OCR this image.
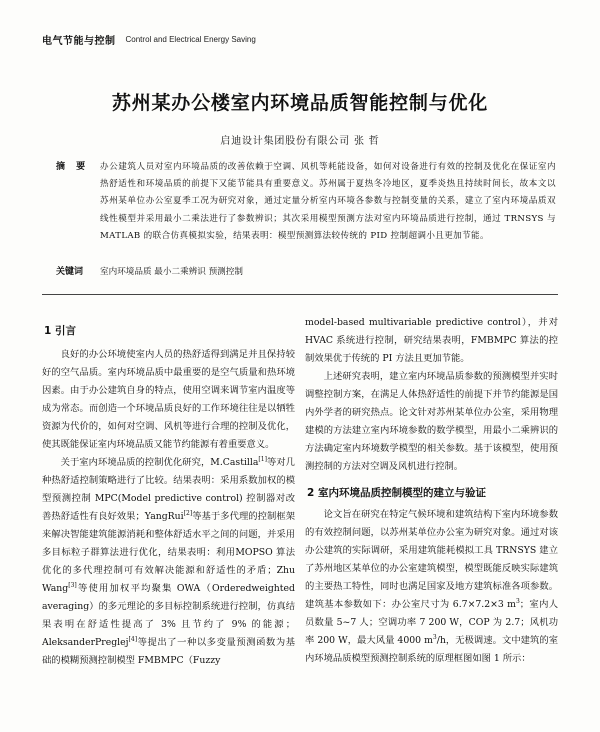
电气节能与控制 Control and Electrical Energy Saving
苏州某办公楼室内环境品质智能控制与优化
启迪设计集团股份有限公司 张 哲
摘 要	办公建筑人员对室内环境品质的改善依赖于空调、风机等耗能设备，如何对设备进行有效的控制及优化在保证室内热舒适性和环境品质的前提下又能节能具有重要意义。苏州属于夏热冬冷地区，夏季炎热且持续时间长，故本文以苏州某单位办公室夏季工况为研究对象，通过定量分析室内环境各参数与控制变量的关系，建立了室内环境品质双线性模型并采用最小二乘法进行了参数辨识；其次采用模型预测方法对室内环境品质进行控制，通过 TRNSYS 与 MATLAB 的联合仿真模拟实验，结果表明：模型预测算法较传统的 PID 控制超调小且更加节能。
关键词	室内环境品质 最小二乘辨识 预测控制
1 引言

良好的办公环境使室内人员的热舒适得到满足并且保持较好的空气品质。室内环境品质中最重要的是空气质量和热环境因素。由于办公建筑自身的特点，使用空调来调节室内温度等成为常态。而创造一个环境品质良好的工作环境往往是以牺牲资源为代价的，如何对空调、风机等进行合理的控制及优化，使其既能保证室内环境品质又能节约能源有着重要意义。

关于室内环境品质的控制优化研究，M.Castilla[1]等对几种热舒适控制策略进行了比较。结果表明：采用系数加权的模型预测控制 MPC(Model predictive control) 控制器对改善热舒适性有良好效果；YangRui[2]等基于多代理的控制框架来解决智能建筑能源消耗和整体舒适水平之间的问题，并采用多目标粒子群算法进行优化，结果表明：利用MOPSO 算法优化的多代理控制可有效解决能源和舒适性的矛盾；Zhu Wang[3]等使用加权平均聚集 OWA（Orderedweighted averaging）的多元理论的多目标控制系统进行控制，仿真结果表明在舒适性提高了 3% 且节约了 9% 的能源；AleksanderPreglej[4]等提出了一种以多变量预测函数为基础的模糊预测控制模型 FMBMPC（Fuzzy

model-based multivariable predictive control），并对 HVAC 系统进行控制，研究结果表明，FMBMPC 算法的控制效果优于传统的 PI 方法且更加节能。

上述研究表明，建立室内环境品质参数的预测模型并实时调整控制方案，在满足人体热舒适性的前提下并节约能源是国内外学者的研究热点。论文针对苏州某单位办公室，采用物理建模的方法建立室内环境参数的数学模型，用最小二乘辨识的方法确定室内环境数学模型的相关参数。基于该模型，使用预测控制的方法对空调及风机进行控制。

2 室内环境品质控制模型的建立与验证

论文旨在研究在特定气候环境和建筑结构下室内环境参数的有效控制问题，以苏州某单位办公室为研究对象。通过对该办公建筑的实际调研，采用建筑能耗模拟工具 TRNSYS 建立了苏州地区某单位的办公室建筑模型，模型既能反映实际建筑的主要热工特性，同时也满足国家及地方建筑标准各项参数。建筑基本参数如下：办公室尺寸为 6.7×7.2×3 $m^3$；室内人员数量 5~7 人；空调功率 7 200 W，COP 为 2.7；风机功率 200 W，最大风量 4000 $m^3/h$，无极调速。文中建筑的室内环境品质模型预测控制系统的原理框图如图 1 所示：
